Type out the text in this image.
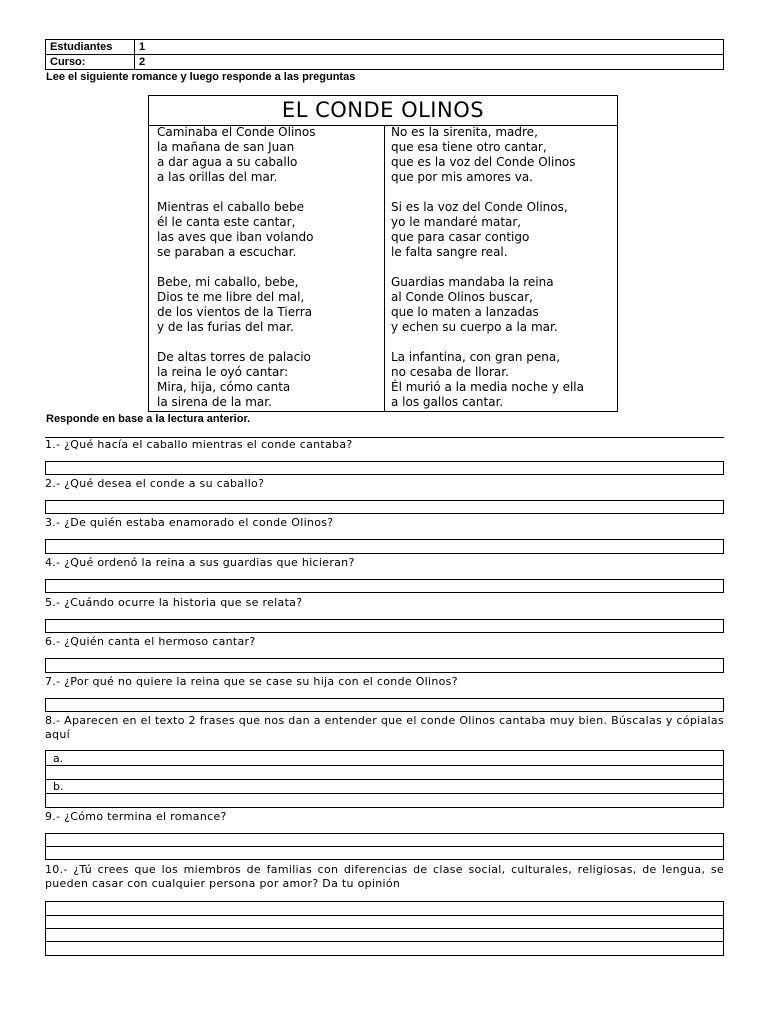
Estudiantes	1
Curso:	2
Lee el siguiente romance y luego responde a las preguntas
EL CONDE OLINOS
Caminaba el Conde Olinos
la mañana de san Juan
a dar agua a su caballo
a las orillas del mar.
Mientras el caballo bebe
él le canta este cantar,
las aves que iban volando
se paraban a escuchar.
Bebe, mi caballo, bebe,
Dios te me libre del mal,
de los vientos de la Tierra
y de las furias del mar.
De altas torres de palacio
la reina le oyó cantar:
Mira, hija, cómo canta
la sirena de la mar.
No es la sirenita, madre,
que esa tiene otro cantar,
que es la voz del Conde Olinos
que por mis amores va.
Si es la voz del Conde Olinos,
yo le mandaré matar,
que para casar contigo
le falta sangre real.
Guardias mandaba la reina
al Conde Olinos buscar,
que lo maten a lanzadas
y echen su cuerpo a la mar.
La infantina, con gran pena,
no cesaba de llorar.
Él murió a la media noche y ella
a los gallos cantar.
Responde en base a la lectura anterior.
1.- ¿Qué hacía el caballo mientras el conde cantaba?
2.- ¿Qué desea el conde a su caballo?
3.- ¿De quién estaba enamorado el conde Olinos?
4.- ¿Qué ordenó la reina a sus guardias que hicieran?
5.- ¿Cuándo ocurre la historia que se relata?
6.- ¿Quién canta el hermoso cantar?
7.- ¿Por qué no quiere la reina que se case su hija con el conde Olinos?
8.- Aparecen en el texto 2 frases que nos dan a entender que el conde Olinos cantaba muy bien. Búscalas y cópialas aquí
a.
b.
9.- ¿Cómo termina el romance?
10.- ¿Tú crees que los miembros de familias con diferencias de clase social, culturales, religiosas, de lengua, se pueden casar con cualquier persona por amor? Da tu opinión
